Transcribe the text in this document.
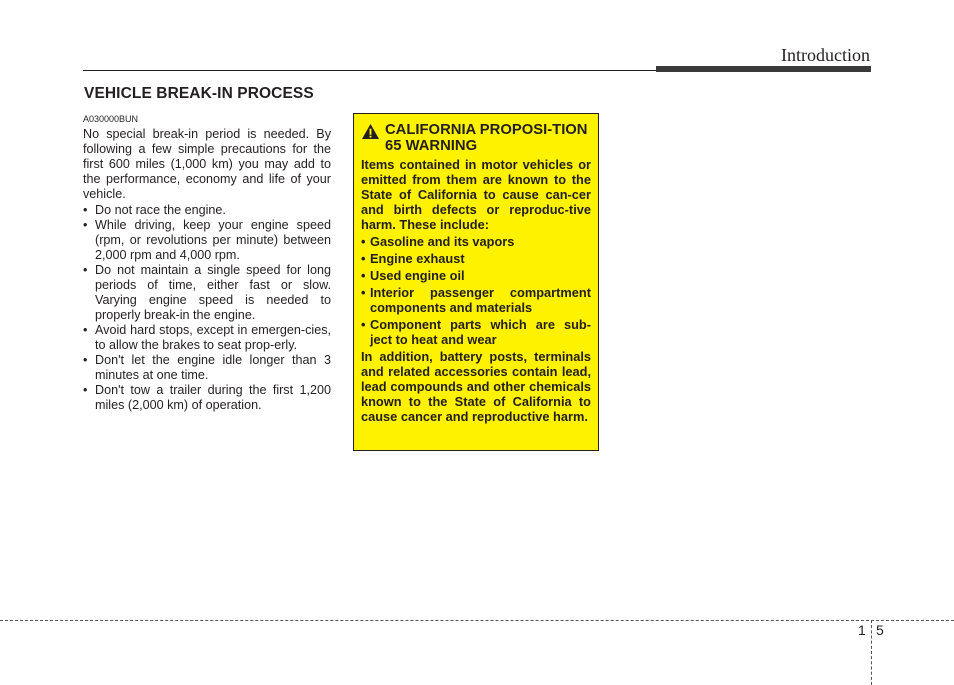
Introduction
VEHICLE BREAK-IN PROCESS
A030000BUN

No special break-in period is needed. By following a few simple precautions for the first 600 miles (1,000 km) you may add to the performance, economy and life of your vehicle.

• Do not race the engine.
• While driving, keep your engine speed (rpm, or revolutions per minute) between 2,000 rpm and 4,000 rpm.
• Do not maintain a single speed for long periods of time, either fast or slow. Varying engine speed is needed to properly break-in the engine.
• Avoid hard stops, except in emergen-cies, to allow the brakes to seat prop-erly.
• Don't let the engine idle longer than 3 minutes at one time.
• Don't tow a trailer during the first 1,200 miles (2,000 km) of operation.
CALIFORNIA PROPOSI-TION 65 WARNING

Items contained in motor vehicles or emitted from them are known to the State of California to cause can-cer and birth defects or reproduc-tive harm. These include:

• Gasoline and its vapors
• Engine exhaust
• Used engine oil
• Interior passenger compartment components and materials
• Component parts which are sub-ject to heat and wear

In addition, battery posts, terminals and related accessories contain lead, lead compounds and other chemicals known to the State of California to cause cancer and reproductive harm.

1 5
